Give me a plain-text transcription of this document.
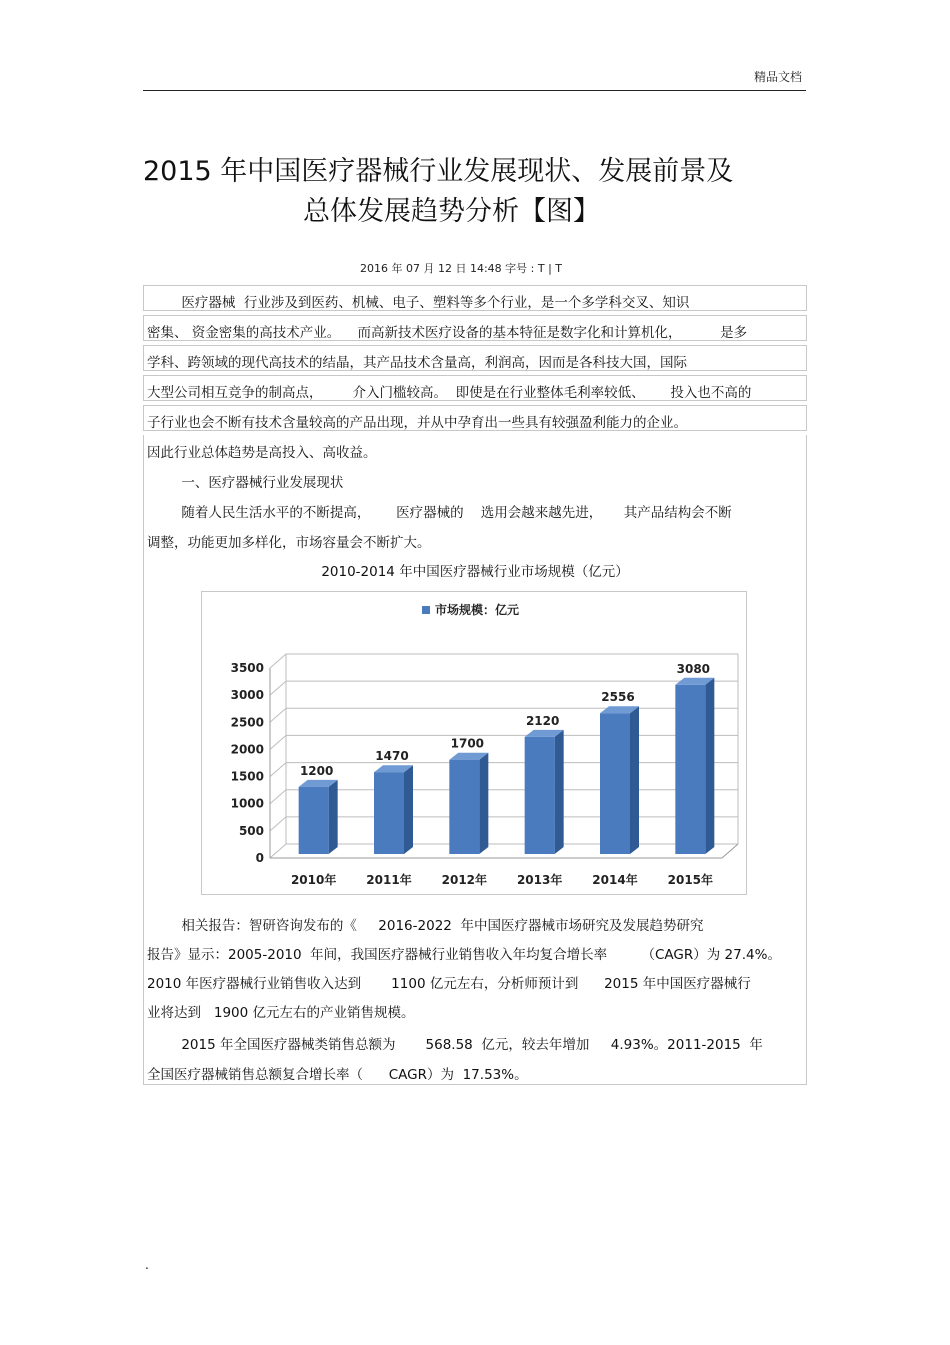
精品文档
2015 年中国医疗器械行业发展现状、发展前景及
总体发展趋势分析【图】
2016 年 07 月 12 日 14:48 字号 : T | T
医疗器械  行业涉及到医药、机械、电子、塑料等多个行业，是一个多学科交叉、知识
密集、 资金密集的高技术产业。    而高新技术医疗设备的基本特征是数字化和计算机化，         是多
学科、跨领域的现代高技术的结晶，其产品技术含量高，利润高，因而是各科技大国，国际
大型公司相互竞争的制高点，       介入门槛较高。  即使是在行业整体毛利率较低、      投入也不高的
子行业也会不断有技术含量较高的产品出现，并从中孕育出一些具有较强盈利能力的企业。
因此行业总体趋势是高投入、高收益。
一、医疗器械行业发展现状
随着人民生活水平的不断提高，      医疗器械的    选用会越来越先进，     其产品结构会不断
调整，功能更加多样化，市场容量会不断扩大。
2010-2014 年中国医疗器械行业市场规模（亿元）
0
500
1000
1500
2000
2500
3000
3500
市场规模：亿元
1200
2010年
1470
2011年
1700
2012年
2120
2013年
2556
2014年
3080
2015年
相关报告：智研咨询发布的《     2016-2022  年中国医疗器械市场研究及发展趋势研究
报告》显示：2005-2010  年间，我国医疗器械行业销售收入年均复合增长率        （CAGR）为 27.4%。
2010 年医疗器械行业销售收入达到       1100 亿元左右，分析师预计到      2015 年中国医疗器械行
业将达到   1900 亿元左右的产业销售规模。
2015 年全国医疗器械类销售总额为       568.58  亿元，较去年增加     4.93%。2011-2015  年
全国医疗器械销售总额复合增长率（      CAGR）为  17.53%。
.
